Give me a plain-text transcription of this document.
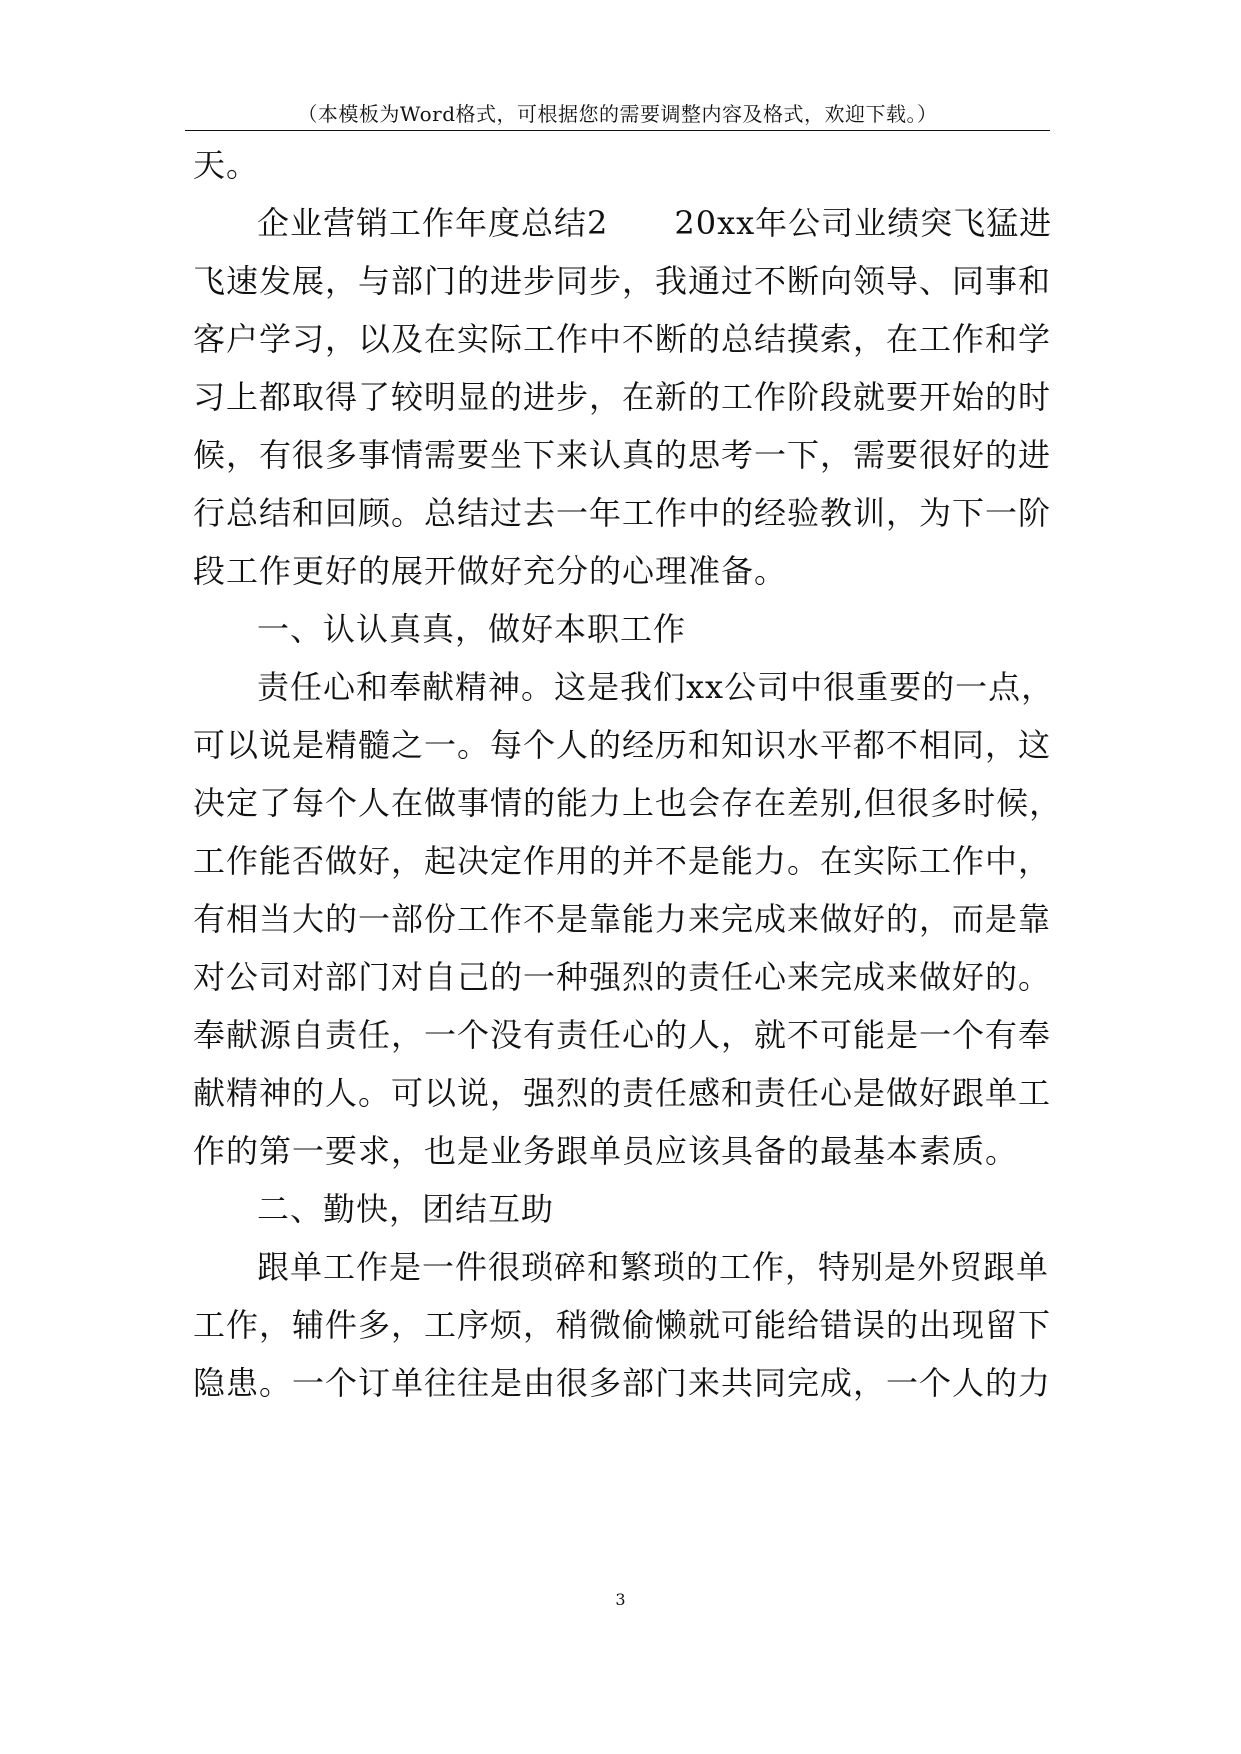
（本模板为Word格式，可根据您的需要调整内容及格式，欢迎下载。）
天。
企业营销工作年度总结2　　20xx年公司业绩突飞猛进
飞速发展，与部门的进步同步，我通过不断向领导、同事和
客户学习，以及在实际工作中不断的总结摸索，在工作和学
习上都取得了较明显的进步，在新的工作阶段就要开始的时
候，有很多事情需要坐下来认真的思考一下，需要很好的进
行总结和回顾。总结过去一年工作中的经验教训，为下一阶
段工作更好的展开做好充分的心理准备。
一、认认真真，做好本职工作
责任心和奉献精神。这是我们xx公司中很重要的一点，
可以说是精髓之一。每个人的经历和知识水平都不相同，这
决定了每个人在做事情的能力上也会存在差别,但很多时候，
工作能否做好，起决定作用的并不是能力。在实际工作中，
有相当大的一部份工作不是靠能力来完成来做好的，而是靠
对公司对部门对自己的一种强烈的责任心来完成来做好的。
奉献源自责任，一个没有责任心的人，就不可能是一个有奉
献精神的人。可以说，强烈的责任感和责任心是做好跟单工
作的第一要求，也是业务跟单员应该具备的最基本素质。
二、勤快，团结互助
跟单工作是一件很琐碎和繁琐的工作，特别是外贸跟单
工作，辅件多，工序烦，稍微偷懒就可能给错误的出现留下
隐患。一个订单往往是由很多部门来共同完成，一个人的力
3
